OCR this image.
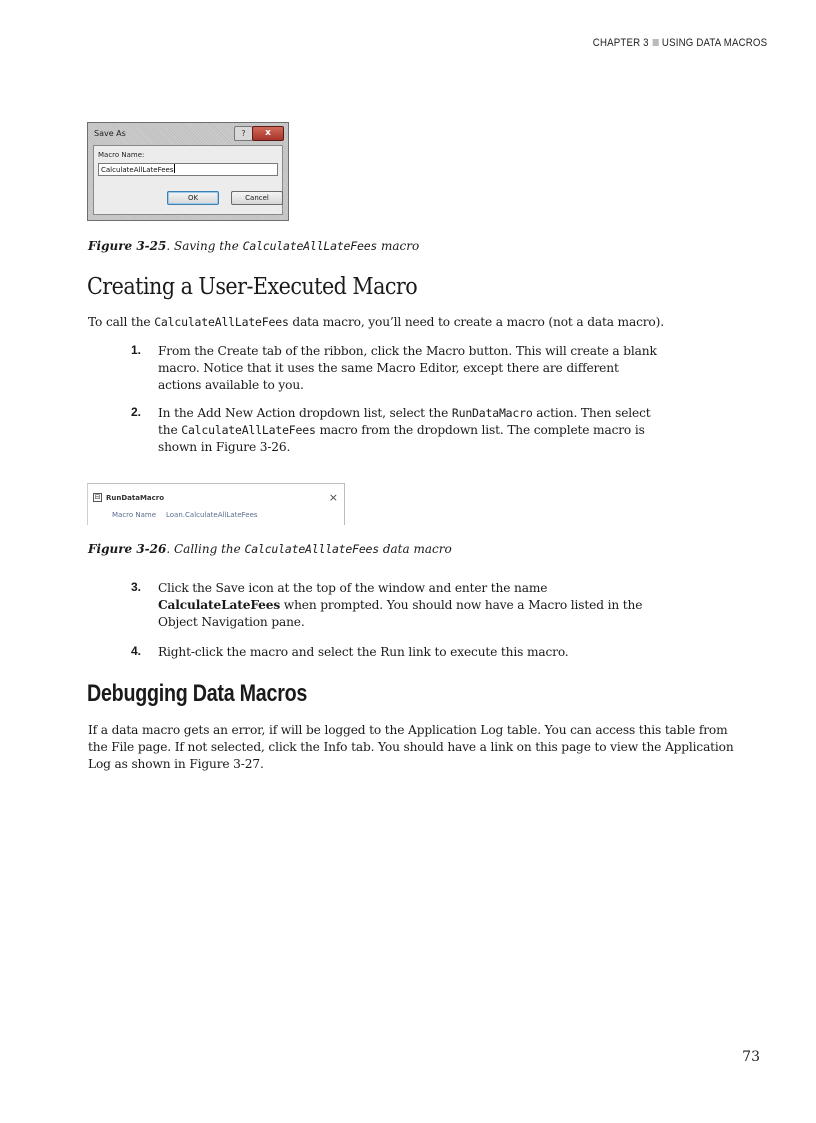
CHAPTER 3 USING DATA MACROS
Save As	?	x
Macro Name:
CalculateAllLateFees
OK	Cancel
Figure 3-25. Saving the CalculateAllLateFees macro
Creating a User-Executed Macro

To call the CalculateAllLateFees data macro, you’ll need to create a macro (not a data macro).

1. From the Create tab of the ribbon, click the Macro button. This will create a blank macro. Notice that it uses the same Macro Editor, except there are different actions available to you.

2. In the Add New Action dropdown list, select the RunDataMacro action. Then select the CalculateAllLateFees macro from the dropdown list. The complete macro is shown in Figure 3-26.

⊟ RunDataMacro	×
Macro Name Loan.CalculateAllLateFees
Figure 3-26. Calling the CalculateAlllateFees data macro
3. Click the Save icon at the top of the window and enter the name CalculateLateFees when prompted. You should now have a Macro listed in the Object Navigation pane.

4. Right-click the macro and select the Run link to execute this macro.

Debugging Data Macros

If a data macro gets an error, if will be logged to the Application Log table. You can access this table from the File page. If not selected, click the Info tab. You should have a link on this page to view the Application Log as shown in Figure 3-27.

73
